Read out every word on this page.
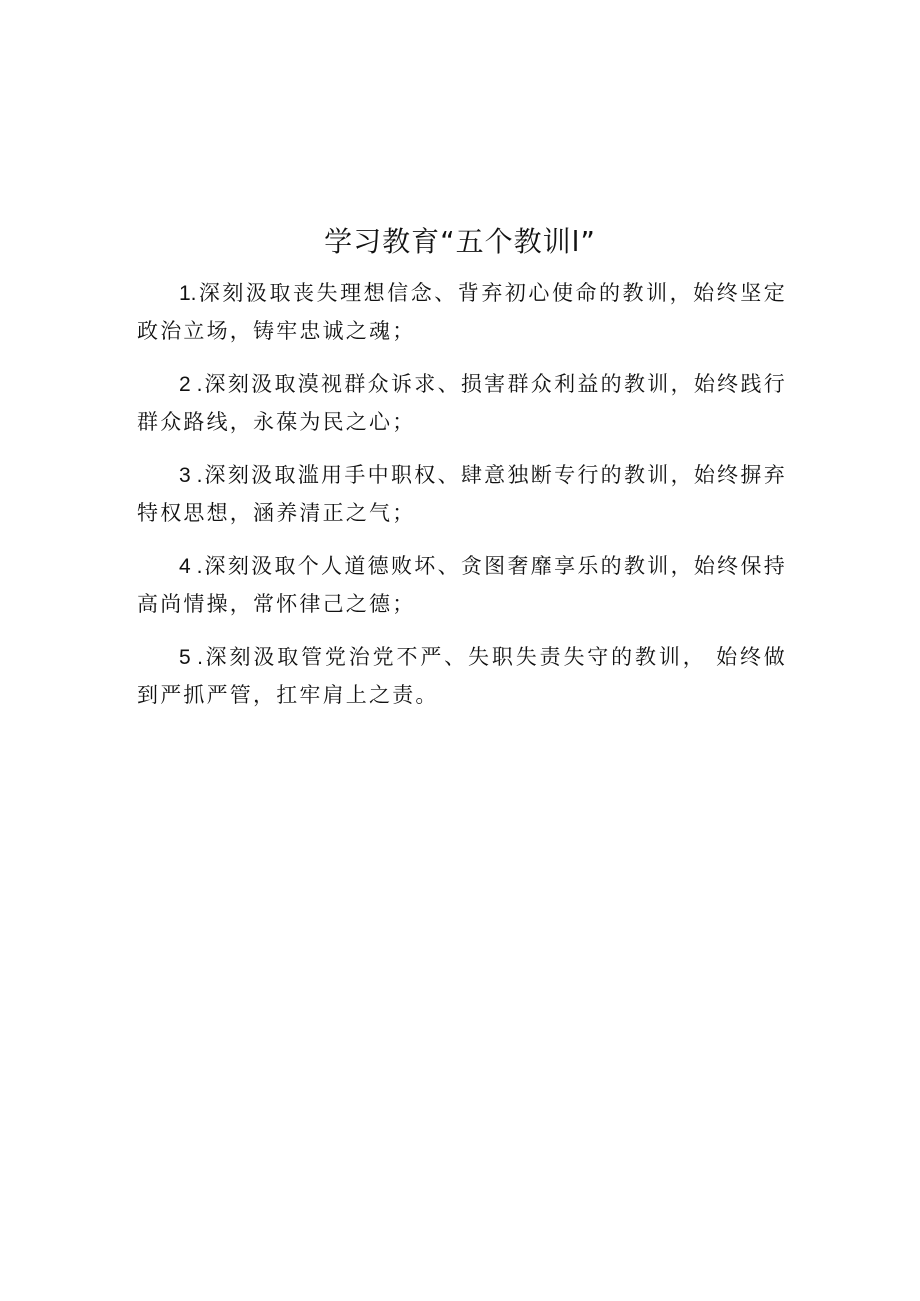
学习教育“五个教训l”

1.深刻汲取丧失理想信念、背弃初心使命的教训，始终坚定政治立场，铸牢忠诚之魂；

2 .深刻汲取漠视群众诉求、损害群众利益的教训，始终践行群众路线，永葆为民之心；

3 .深刻汲取滥用手中职权、肆意独断专行的教训，始终摒弃特权思想，涵养清正之气；

4 .深刻汲取个人道德败坏、贪图奢靡享乐的教训，始终保持高尚情操，常怀律己之德；

5 .深刻汲取管党治党不严、失职失责失守的教训， 始终做到严抓严管，扛牢肩上之责。
